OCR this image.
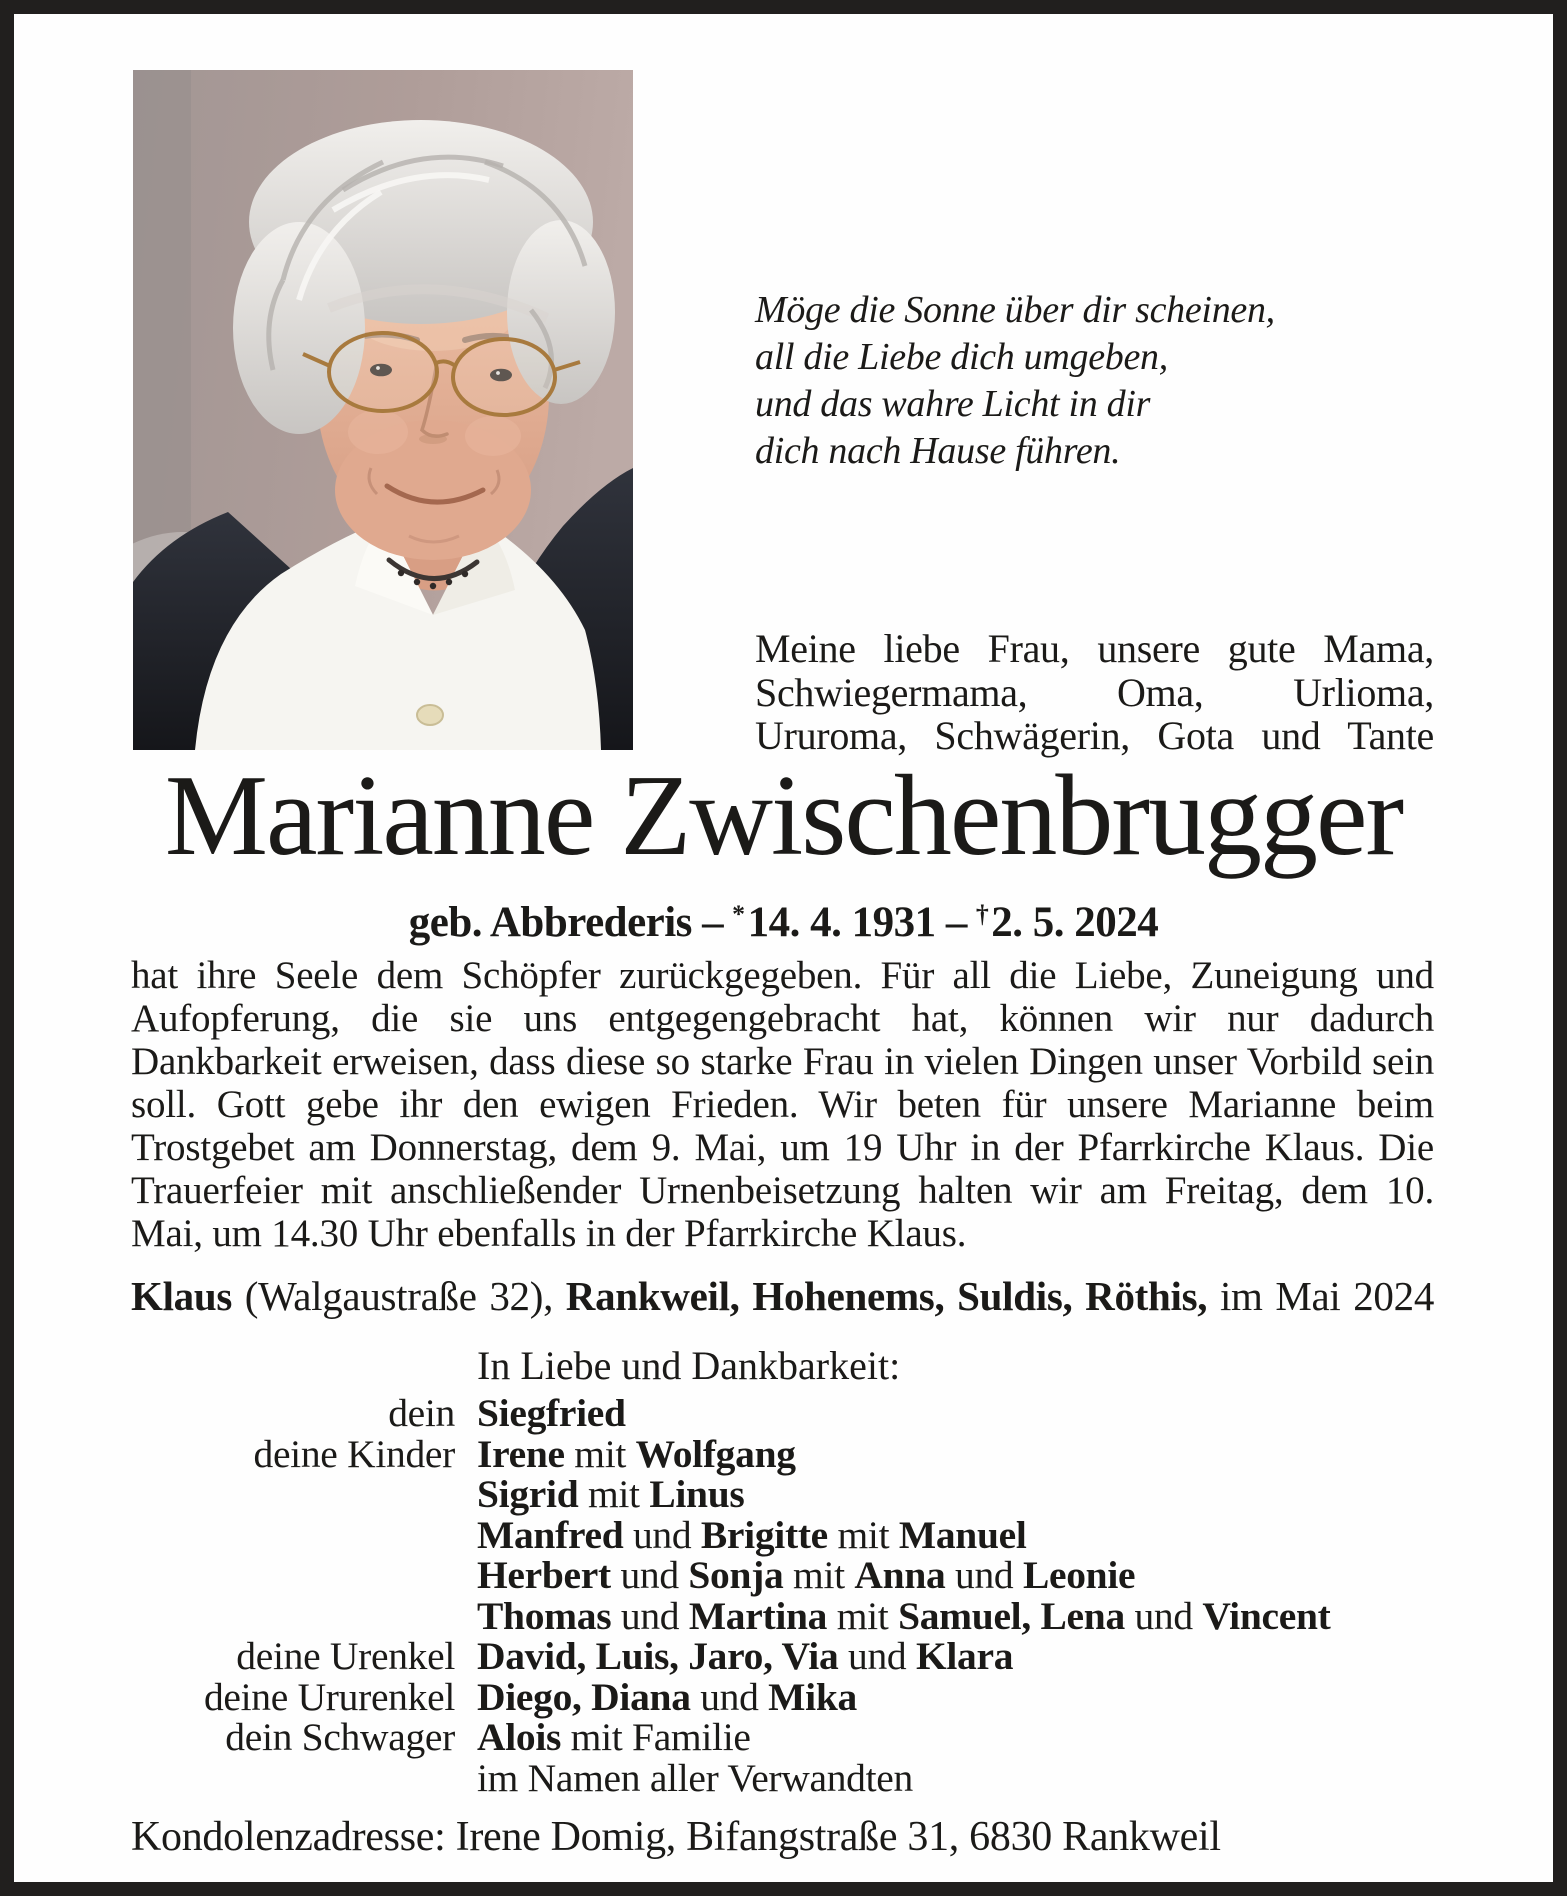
Möge die Sonne über dir scheinen,
all die Liebe dich umgeben,
und das wahre Licht in dir
dich nach Hause führen.
Meine liebe Frau, unsere gute Mama, Schwiegermama, Oma, Urlioma, Ururoma, Schwägerin, Gota und Tante
Marianne Zwischenbrugger
geb. Abbrederis – *14. 4. 1931 – †2. 5. 2024
hat ihre Seele dem Schöpfer zurückgegeben. Für all die Liebe, Zuneigung und Aufopferung, die sie uns entgegengebracht hat, können wir nur dadurch Dankbarkeit erweisen, dass diese so starke Frau in vielen Dingen unser Vorbild sein soll. Gott gebe ihr den ewigen Frieden. Wir beten für unsere Marianne beim Trostgebet am Donnerstag, dem 9. Mai, um 19 Uhr in der Pfarrkirche Klaus. Die Trauerfeier mit anschließender Urnenbeisetzung halten wir am Freitag, dem 10. Mai, um 14.30 Uhr ebenfalls in der Pfarrkirche Klaus.
Klaus (Walgaustraße 32), Rankweil, Hohenems, Suldis, Röthis, im Mai 2024
In Liebe und Dankbarkeit:
dein Siegfried
deine Kinder Irene mit Wolfgang
Sigrid mit Linus
Manfred und Brigitte mit Manuel
Herbert und Sonja mit Anna und Leonie
Thomas und Martina mit Samuel, Lena und Vincent
deine Urenkel David, Luis, Jaro, Via und Klara
deine Ururenkel Diego, Diana und Mika
dein Schwager Alois mit Familie
im Namen aller Verwandten
Kondolenzadresse: Irene Domig, Bifangstraße 31, 6830 Rankweil
